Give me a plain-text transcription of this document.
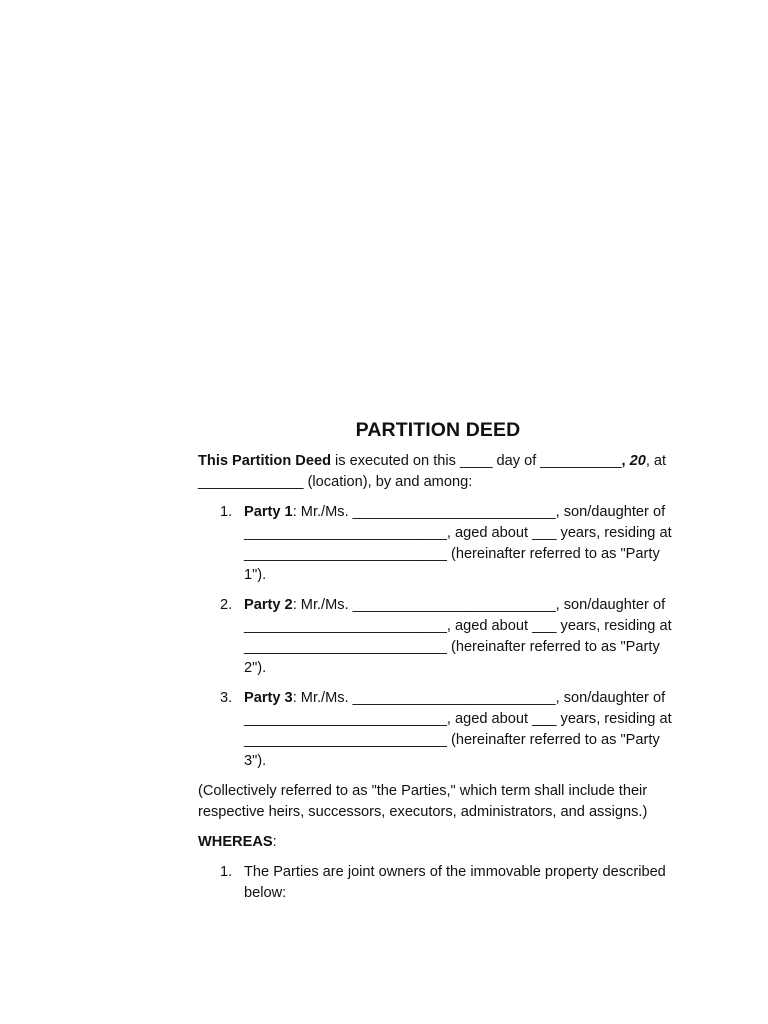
PARTITION DEED

This Partition Deed is executed on this ____ day of __________, 20, at _____________ (location), by and among:

1. Party 1: Mr./Ms. _________________________, son/daughter of _________________________, aged about ___ years, residing at _________________________ (hereinafter referred to as "Party 1").
2. Party 2: Mr./Ms. _________________________, son/daughter of _________________________, aged about ___ years, residing at _________________________ (hereinafter referred to as "Party 2").
3. Party 3: Mr./Ms. _________________________, son/daughter of _________________________, aged about ___ years, residing at _________________________ (hereinafter referred to as "Party 3").

(Collectively referred to as "the Parties," which term shall include their respective heirs, successors, executors, administrators, and assigns.)

WHEREAS:

1. The Parties are joint owners of the immovable property described below:
